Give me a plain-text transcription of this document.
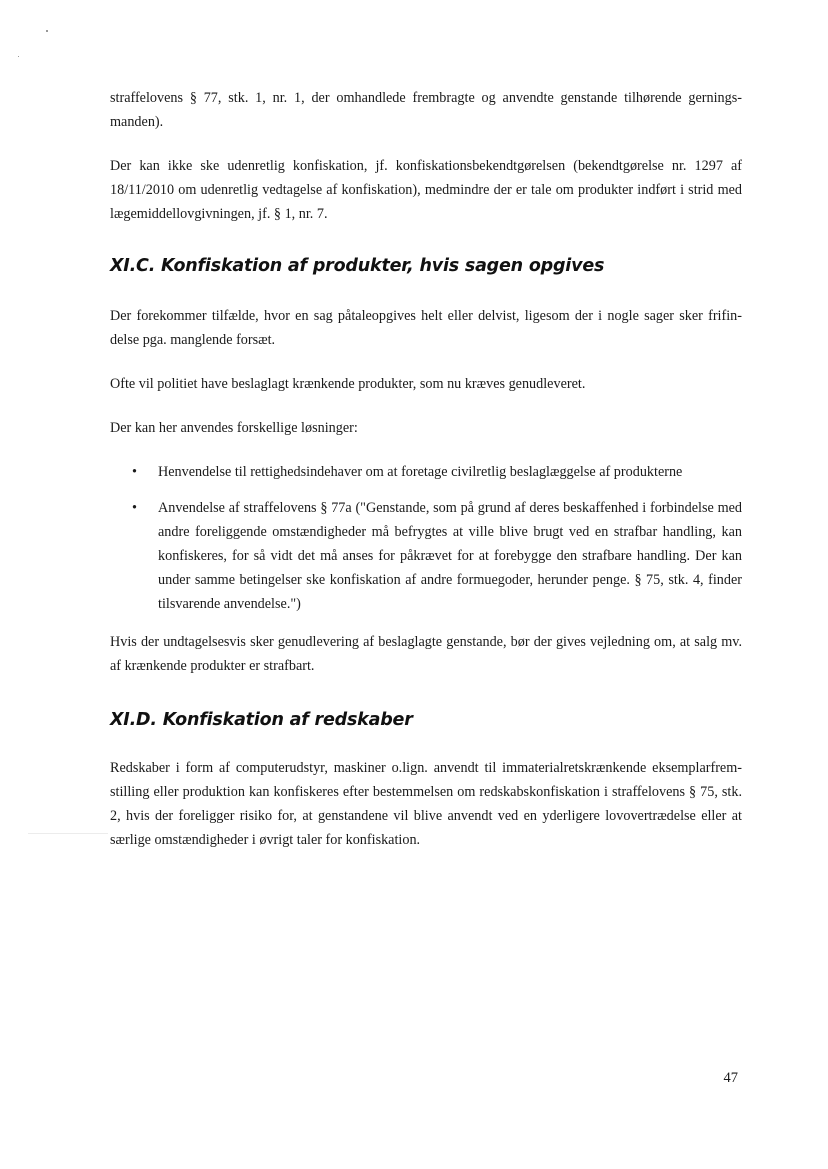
straffelovens § 77, stk. 1, nr. 1, der omhandlede frembragte og anvendte genstande tilhørende gernings-manden).

Der kan ikke ske udenretlig konfiskation, jf. konfiskationsbekendtgørelsen (bekendtgørelse nr. 1297 af 18/11/2010 om udenretlig vedtagelse af konfiskation), medmindre der er tale om produkter indført i strid med lægemiddellovgivningen, jf. § 1, nr. 7.

XI.C. Konfiskation af produkter, hvis sagen opgives

Der forekommer tilfælde, hvor en sag påtaleopgives helt eller delvist, ligesom der i nogle sager sker frifin-delse pga. manglende forsæt.

Ofte vil politiet have beslaglagt krænkende produkter, som nu kræves genudleveret.

Der kan her anvendes forskellige løsninger:

• Henvendelse til rettighedsindehaver om at foretage civilretlig beslaglæggelse af produkterne
• Anvendelse af straffelovens § 77a ("Genstande, som på grund af deres beskaffenhed i forbindelse med andre foreliggende omstændigheder må befrygtes at ville blive brugt ved en strafbar handling, kan konfiskeres, for så vidt det må anses for påkrævet for at forebygge den strafbare handling. Der kan under samme betingelser ske konfiskation af andre formuegoder, herunder penge. § 75, stk. 4, finder tilsvarende anvendelse.")

Hvis der undtagelsesvis sker genudlevering af beslaglagte genstande, bør der gives vejledning om, at salg mv. af krænkende produkter er strafbart.

XI.D. Konfiskation af redskaber

Redskaber i form af computerudstyr, maskiner o.lign. anvendt til immaterialretskrænkende eksemplarfrem-stilling eller produktion kan konfiskeres efter bestemmelsen om redskabskonfiskation i straffelovens § 75, stk. 2, hvis der foreligger risiko for, at genstandene vil blive anvendt ved en yderligere lovovertrædelse eller at særlige omstændigheder i øvrigt taler for konfiskation.

47
